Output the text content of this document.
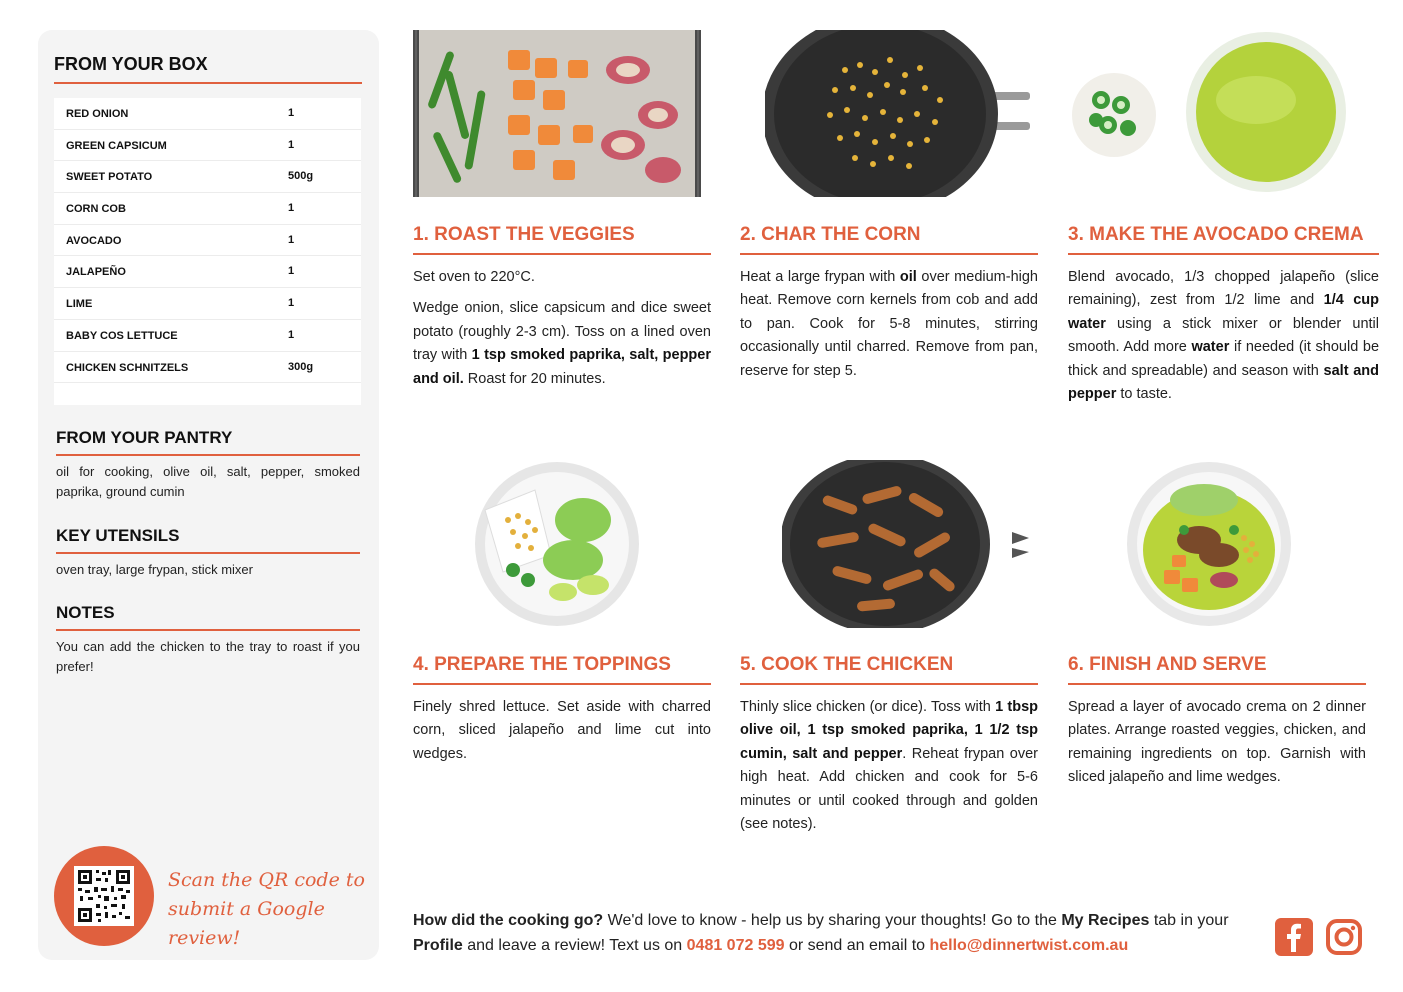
FROM YOUR BOX
RED ONION	1
GREEN CAPSICUM	1
SWEET POTATO	500g
CORN COB	1
AVOCADO	1
JALAPEÑO	1
LIME	1
BABY COS LETTUCE	1
CHICKEN SCHNITZELS	300g
FROM YOUR PANTRY
oil for cooking, olive oil, salt, pepper, smoked paprika, ground cumin
KEY UTENSILS
oven tray, large frypan, stick mixer
NOTES
You can add the chicken to the tray to roast if you prefer!
Scan the QR code to
submit a Google review!
1. ROAST THE VEGGIES
Set oven to 220°C.
Wedge onion, slice capsicum and dice sweet potato (roughly 2-3 cm). Toss on a lined oven tray with 1 tsp smoked paprika, salt, pepper and oil. Roast for 20 minutes.
2. CHAR THE CORN
Heat a large frypan with oil over medium-high heat. Remove corn kernels from cob and add to pan. Cook for 5-8 minutes, stirring occasionally until charred. Remove from pan, reserve for step 5.
3. MAKE THE AVOCADO CREMA
Blend avocado, 1/3 chopped jalapeño (slice remaining), zest from 1/2 lime and 1/4 cup water using a stick mixer or blender until smooth. Add more water if needed (it should be thick and spreadable) and season with salt and pepper to taste.
4. PREPARE THE TOPPINGS
Finely shred lettuce. Set aside with charred corn, sliced jalapeño and lime cut into wedges.
5. COOK THE CHICKEN
Thinly slice chicken (or dice). Toss with 1 tbsp olive oil, 1 tsp smoked paprika, 1 1/2 tsp cumin, salt and pepper. Reheat frypan over high heat. Add chicken and cook for 5-6 minutes or until cooked through and golden (see notes).
6. FINISH AND SERVE
Spread a layer of avocado crema on 2 dinner plates. Arrange roasted veggies, chicken, and remaining ingredients on top. Garnish with sliced jalapeño and lime wedges.
How did the cooking go? We'd love to know - help us by sharing your thoughts! Go to the My Recipes tab in your Profile and leave a review! Text us on 0481 072 599 or send an email to hello@dinnertwist.com.au
